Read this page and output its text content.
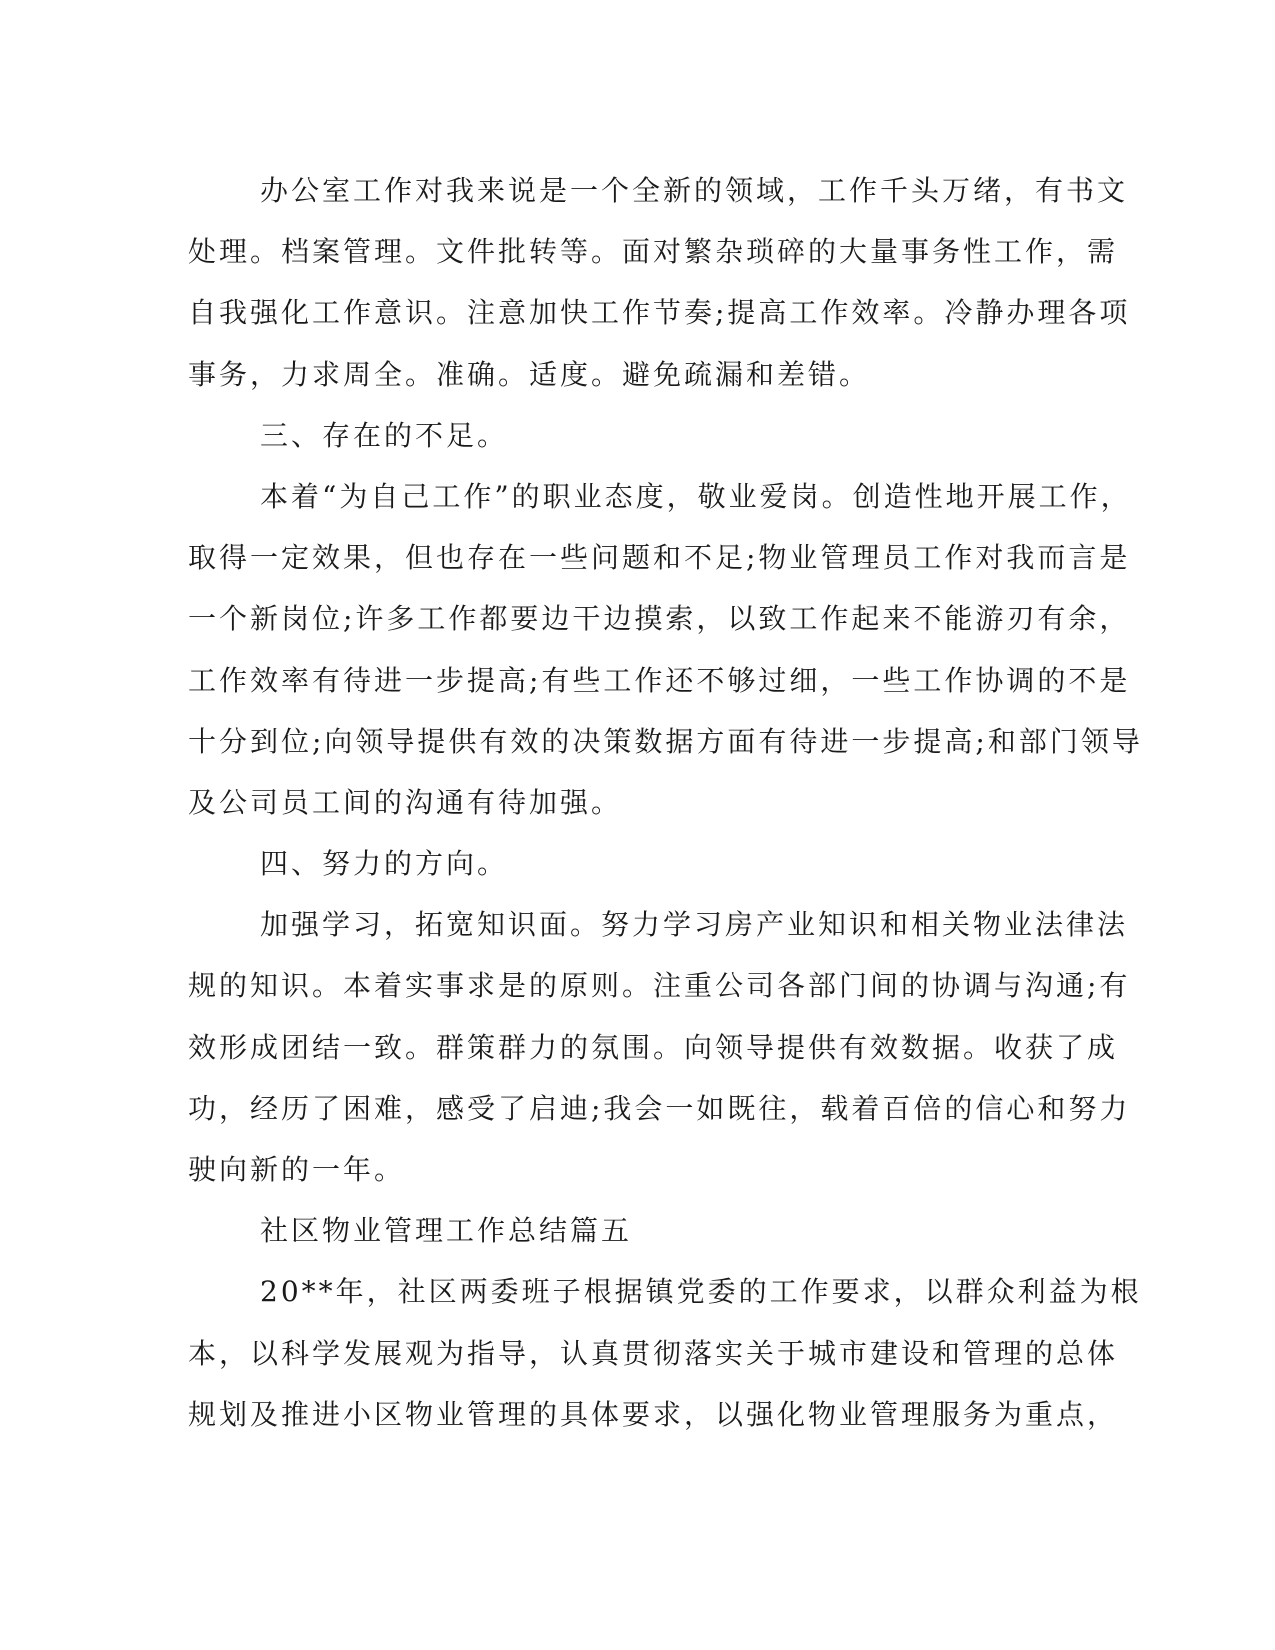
办公室工作对我来说是一个全新的领域，工作千头万绪，有书文
处理。档案管理。文件批转等。面对繁杂琐碎的大量事务性工作，需
自我强化工作意识。注意加快工作节奏;提高工作效率。冷静办理各项
事务，力求周全。准确。适度。避免疏漏和差错。
三、存在的不足。
本着“为自己工作”的职业态度，敬业爱岗。创造性地开展工作，
取得一定效果，但也存在一些问题和不足;物业管理员工作对我而言是
一个新岗位;许多工作都要边干边摸索，以致工作起来不能游刃有余，
工作效率有待进一步提高;有些工作还不够过细，一些工作协调的不是
十分到位;向领导提供有效的决策数据方面有待进一步提高;和部门领导
及公司员工间的沟通有待加强。
四、努力的方向。
加强学习，拓宽知识面。努力学习房产业知识和相关物业法律法
规的知识。本着实事求是的原则。注重公司各部门间的协调与沟通;有
效形成团结一致。群策群力的氛围。向领导提供有效数据。收获了成
功，经历了困难，感受了启迪;我会一如既往，载着百倍的信心和努力
驶向新的一年。
社区物业管理工作总结篇五
20**年，社区两委班子根据镇党委的工作要求，以群众利益为根
本，以科学发展观为指导，认真贯彻落实关于城市建设和管理的总体
规划及推进小区物业管理的具体要求，以强化物业管理服务为重点，
